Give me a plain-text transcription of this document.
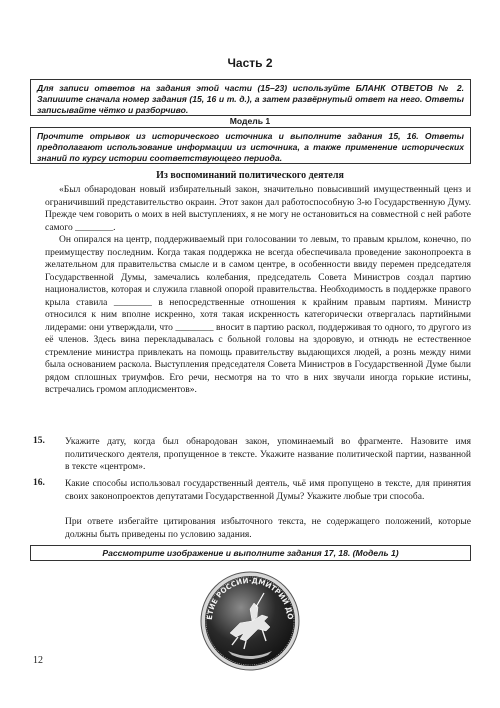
Часть 2

Для записи ответов на задания этой части (15–23) используйте БЛАНК ОТВЕТОВ № 2. Запишите сначала номер задания (15, 16 и т. д.), а затем развёрнутый ответ на него. Ответы записывайте чётко и разборчиво.

Модель 1

Прочтите отрывок из исторического источника и выполните задания 15, 16. Ответы предполагают использование информации из источника, а также применение исторических знаний по курсу истории соответствующего периода.

Из воспоминаний политического деятеля

«Был обнародован новый избирательный закон, значительно повысивший имущественный ценз и ограничивший представительство окраин. Этот закон дал работоспособную 3-ю Государственную Думу. Прежде чем говорить о моих в ней выступлениях, я не могу не остановиться на совместной с ней работе самого ________.

Он опирался на центр, поддерживаемый при голосовании то левым, то правым крылом, конечно, по преимуществу последним. Когда такая поддержка не всегда обеспечивала проведение законопроекта в желательном для правительства смысле и в самом центре, в особенности ввиду перемен председателя Государственной Думы, замечались колебания, председатель Совета Министров создал партию националистов, которая и служила главной опорой правительства. Необходимость в поддержке правого крыла ставила ________ в непосредственные отношения к крайним правым партиям. Министр относился к ним вполне искренно, хотя такая искренность категорически отвергалась партийными лидерами: они утверждали, что ________ вносит в партию раскол, поддерживая то одного, то другого из её членов. Здесь вина перекладывалась с больной головы на здоровую, и отнюдь не естественное стремление министра привлекать на помощь правительству выдающихся людей, а рознь между ними была основанием раскола. Выступления председателя Совета Министров в Государственной Думе были рядом сплошных триумфов. Его речи, несмотря на то что в них звучали иногда горькие истины, встречались громом аплодисментов».

15. Укажите дату, когда был обнародован закон, упоминаемый во фрагменте. Назовите имя политического деятеля, пропущенное в тексте. Укажите название политической партии, названной в тексте «центром».

16. Какие способы использовал государственный деятель, чьё имя пропущено в тексте, для принятия своих законопроектов депутатами Государственной Думы? Укажите любые три способа.

При ответе избегайте цитирования избыточного текста, не содержащего положений, которые должны быть приведены по условию задания.

Рассмотрите изображение и выполните задания 17, 18. (Модель 1)

ЕТИЕ РОССИИ·ДМИТРИЙ ДО
12
